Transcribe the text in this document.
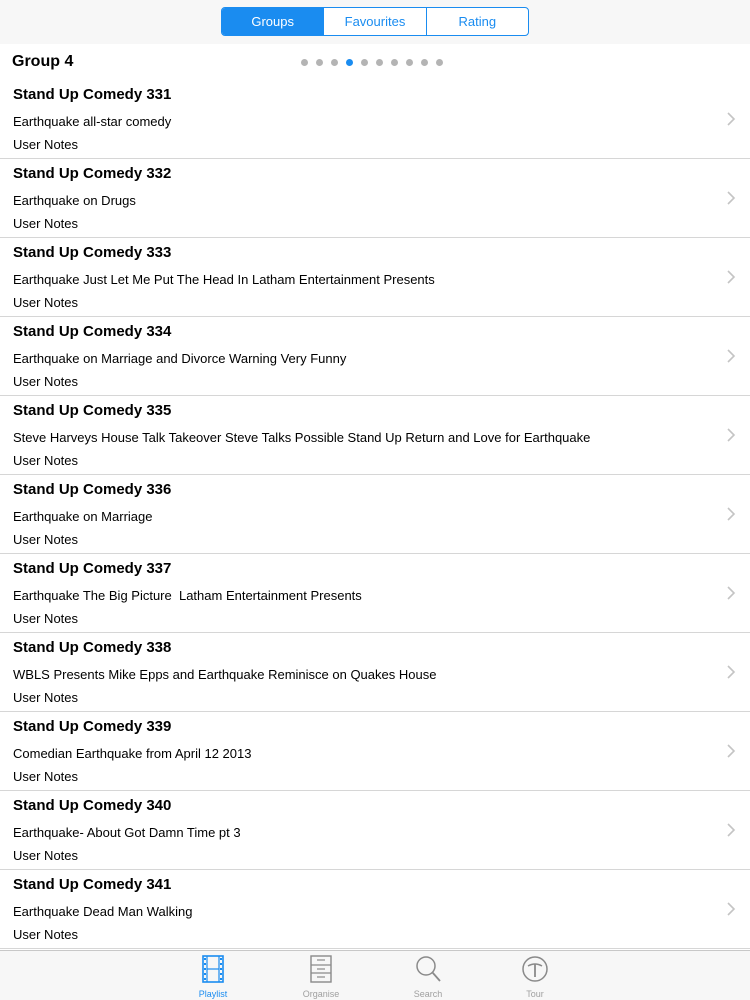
Groups	Favourites	Rating
Group 4
Stand Up Comedy 331
Earthquake all-star comedy
User Notes
Stand Up Comedy 332
Earthquake on Drugs
User Notes
Stand Up Comedy 333
Earthquake Just Let Me Put The Head In Latham Entertainment Presents
User Notes
Stand Up Comedy 334
Earthquake on Marriage and Divorce Warning Very Funny
User Notes
Stand Up Comedy 335
Steve Harveys House Talk Takeover Steve Talks Possible Stand Up Return and Love for Earthquake
User Notes
Stand Up Comedy 336
Earthquake on Marriage
User Notes
Stand Up Comedy 337
Earthquake The Big Picture  Latham Entertainment Presents
User Notes
Stand Up Comedy 338
WBLS Presents Mike Epps and Earthquake Reminisce on Quakes House
User Notes
Stand Up Comedy 339
Comedian Earthquake from April 12 2013
User Notes
Stand Up Comedy 340
Earthquake- About Got Damn Time pt 3
User Notes
Stand Up Comedy 341
Earthquake Dead Man Walking
User Notes
Playlist	Organise	Search	Tour
